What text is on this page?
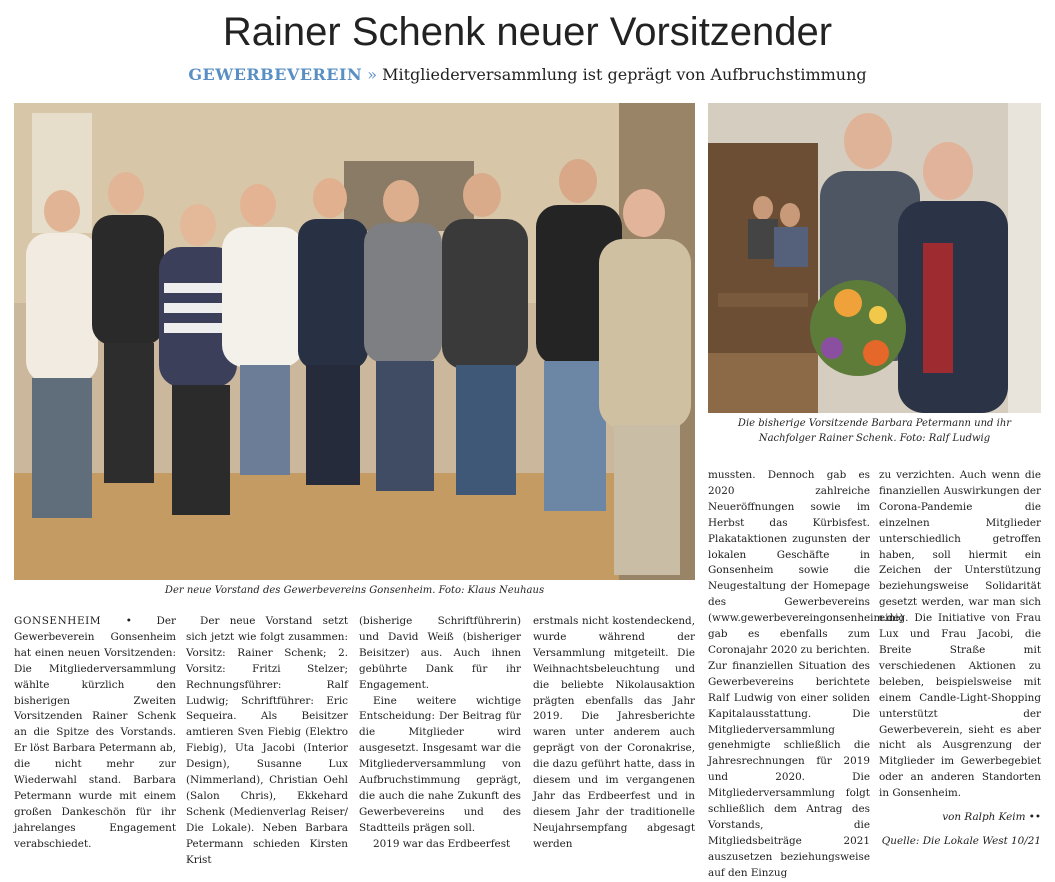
Rainer Schenk neuer Vorsitzender
GEWERBEVEREIN » Mitgliederversammlung ist geprägt von Aufbruchstimmung
Der neue Vorstand des Gewerbevereins Gonsenheim. Foto: Klaus Neuhaus
Die bisherige Vorsitzende Barbara Petermann und ihr
Nachfolger Rainer Schenk. Foto: Ralf Ludwig

GONSENHEIM • Der Gewerbeverein Gonsenheim hat einen neuen Vorsitzenden: Die Mitgliederversammlung wählte kürzlich den bisherigen Zweiten Vorsitzenden Rainer Schenk an die Spitze des Vorstands. Er löst Barbara Petermann ab, die nicht mehr zur Wiederwahl stand. Barbara Petermann wurde mit einem großen Dankeschön für ihr jahrelanges Engagement verabschiedet.

Der neue Vorstand setzt sich jetzt wie folgt zusammen: Vorsitz: Rainer Schenk; 2. Vorsitz: Fritzi Stelzer; Rechnungsführer: Ralf Ludwig; Schriftführer: Eric Sequeira. Als Beisitzer amtieren Sven Fiebig (Elektro Fiebig), Uta Jacobi (Interior Design), Susanne Lux (Nimmerland), Christian Oehl (Salon Chris), Ekkehard Schenk (Medienverlag Reiser/ Die Lokale). Neben Barbara Petermann schieden Kirsten Krist

(bisherige Schriftführerin) und David Weiß (bisheriger Beisitzer) aus. Auch ihnen gebührte Dank für ihr Engagement.

Eine weitere wichtige Entscheidung: Der Beitrag für die Mitglieder wird ausgesetzt. Insgesamt war die Mitgliederversammlung von Aufbruchstimmung geprägt, die auch die nahe Zukunft des Gewerbevereins und des Stadtteils prägen soll.

2019 war das Erdbeerfest

erstmals nicht kostendeckend, wurde während der Versammlung mitgeteilt. Die Weihnachtsbeleuchtung und die beliebte Nikolausaktion prägten ebenfalls das Jahr 2019. Die Jahresberichte waren unter anderem auch geprägt von der Coronakrise, die dazu geführt hatte, dass in diesem und im vergangenen Jahr das Erdbeerfest und in diesem Jahr der traditionelle Neujahrsempfang abgesagt werden

mussten. Dennoch gab es 2020 zahlreiche Neueröffnungen sowie im Herbst das Kürbisfest. Plakataktionen zugunsten der lokalen Geschäfte in Gonsenheim sowie die Neugestaltung der Homepage des Gewerbevereins (www.gewerbevereingonsenheim.de) gab es ebenfalls zum Coronajahr 2020 zu berichten. Zur finanziellen Situation des Gewerbevereins berichtete Ralf Ludwig von einer soliden Kapitalausstattung. Die Mitgliederversammlung genehmigte schließlich die Jahresrechnungen für 2019 und 2020. Die Mitgliederversammlung folgt schließlich dem Antrag des Vorstands, die Mitgliedsbeiträge 2021 auszusetzen beziehungsweise auf den Einzug

zu verzichten. Auch wenn die finanziellen Auswirkungen der Corona-Pandemie die einzelnen Mitglieder unterschiedlich getroffen haben, soll hiermit ein Zeichen der Unterstützung beziehungsweise Solidarität gesetzt werden, war man sich einig. Die Initiative von Frau Lux und Frau Jacobi, die Breite Straße mit verschiedenen Aktionen zu beleben, beispielsweise mit einem Candle-Light-Shopping unterstützt der Gewerbeverein, sieht es aber nicht als Ausgrenzung der Mitglieder im Gewerbegebiet oder an anderen Standorten in Gonsenheim.

von Ralph Keim ••

Quelle: Die Lokale West 10/21
